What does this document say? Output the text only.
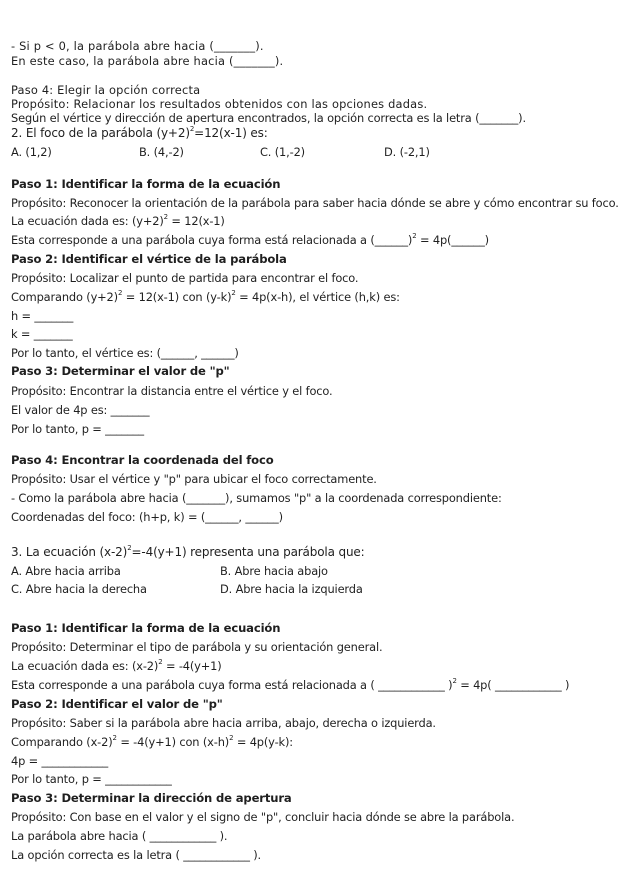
- Si p < 0, la parábola abre hacia (_______).
En este caso, la parábola abre hacia (_______).
Paso 4: Elegir la opción correcta
Propósito: Relacionar los resultados obtenidos con las opciones dadas.
Según el vértice y dirección de apertura encontrados, la opción correcta es la letra (_______).
2. El foco de la parábola $(y+2)^2=12(x-1)$ es:
A. (1,2)	B. (4,-2)	C. (1,-2)	D. (-2,1)
Paso 1: Identificar la forma de la ecuación
Propósito: Reconocer la orientación de la parábola para saber hacia dónde se abre y cómo encontrar su foco.
La ecuación dada es: $(y+2)^2 = 12(x-1)$
Esta corresponde a una parábola cuya forma está relacionada a (______)$^2$ = 4p(______)
Paso 2: Identificar el vértice de la parábola
Propósito: Localizar el punto de partida para encontrar el foco.
Comparando $(y+2)^2 = 12(x-1)$ con $(y-k)^2 = 4p(x-h)$, el vértice (h,k) es:
h = _______
k = _______
Por lo tanto, el vértice es: (______, ______)
Paso 3: Determinar el valor de "p"
Propósito: Encontrar la distancia entre el vértice y el foco.
El valor de 4p es: _______
Por lo tanto, p = _______
Paso 4: Encontrar la coordenada del foco
Propósito: Usar el vértice y "p" para ubicar el foco correctamente.
- Como la parábola abre hacia (_______), sumamos "p" a la coordenada correspondiente:
Coordenadas del foco: (h+p, k) = (______, ______)
3. La ecuación $(x-2)^2=-4(y+1)$ representa una parábola que:
A. Abre hacia arriba	B. Abre hacia abajo
C. Abre hacia la derecha	D. Abre hacia la izquierda
Paso 1: Identificar la forma de la ecuación
Propósito: Determinar el tipo de parábola y su orientación general.
La ecuación dada es: $(x-2)^2 = -4(y+1)$
Esta corresponde a una parábola cuya forma está relacionada a ( ____________ )$^2$ = 4p( ____________ )
Paso 2: Identificar el valor de "p"
Propósito: Saber si la parábola abre hacia arriba, abajo, derecha o izquierda.
Comparando $(x-2)^2 = -4(y+1)$ con $(x-h)^2 = 4p(y-k)$:
4p = ____________
Por lo tanto, p = ____________
Paso 3: Determinar la dirección de apertura
Propósito: Con base en el valor y el signo de "p", concluir hacia dónde se abre la parábola.
La parábola abre hacia ( ____________ ).
La opción correcta es la letra ( ____________ ).
